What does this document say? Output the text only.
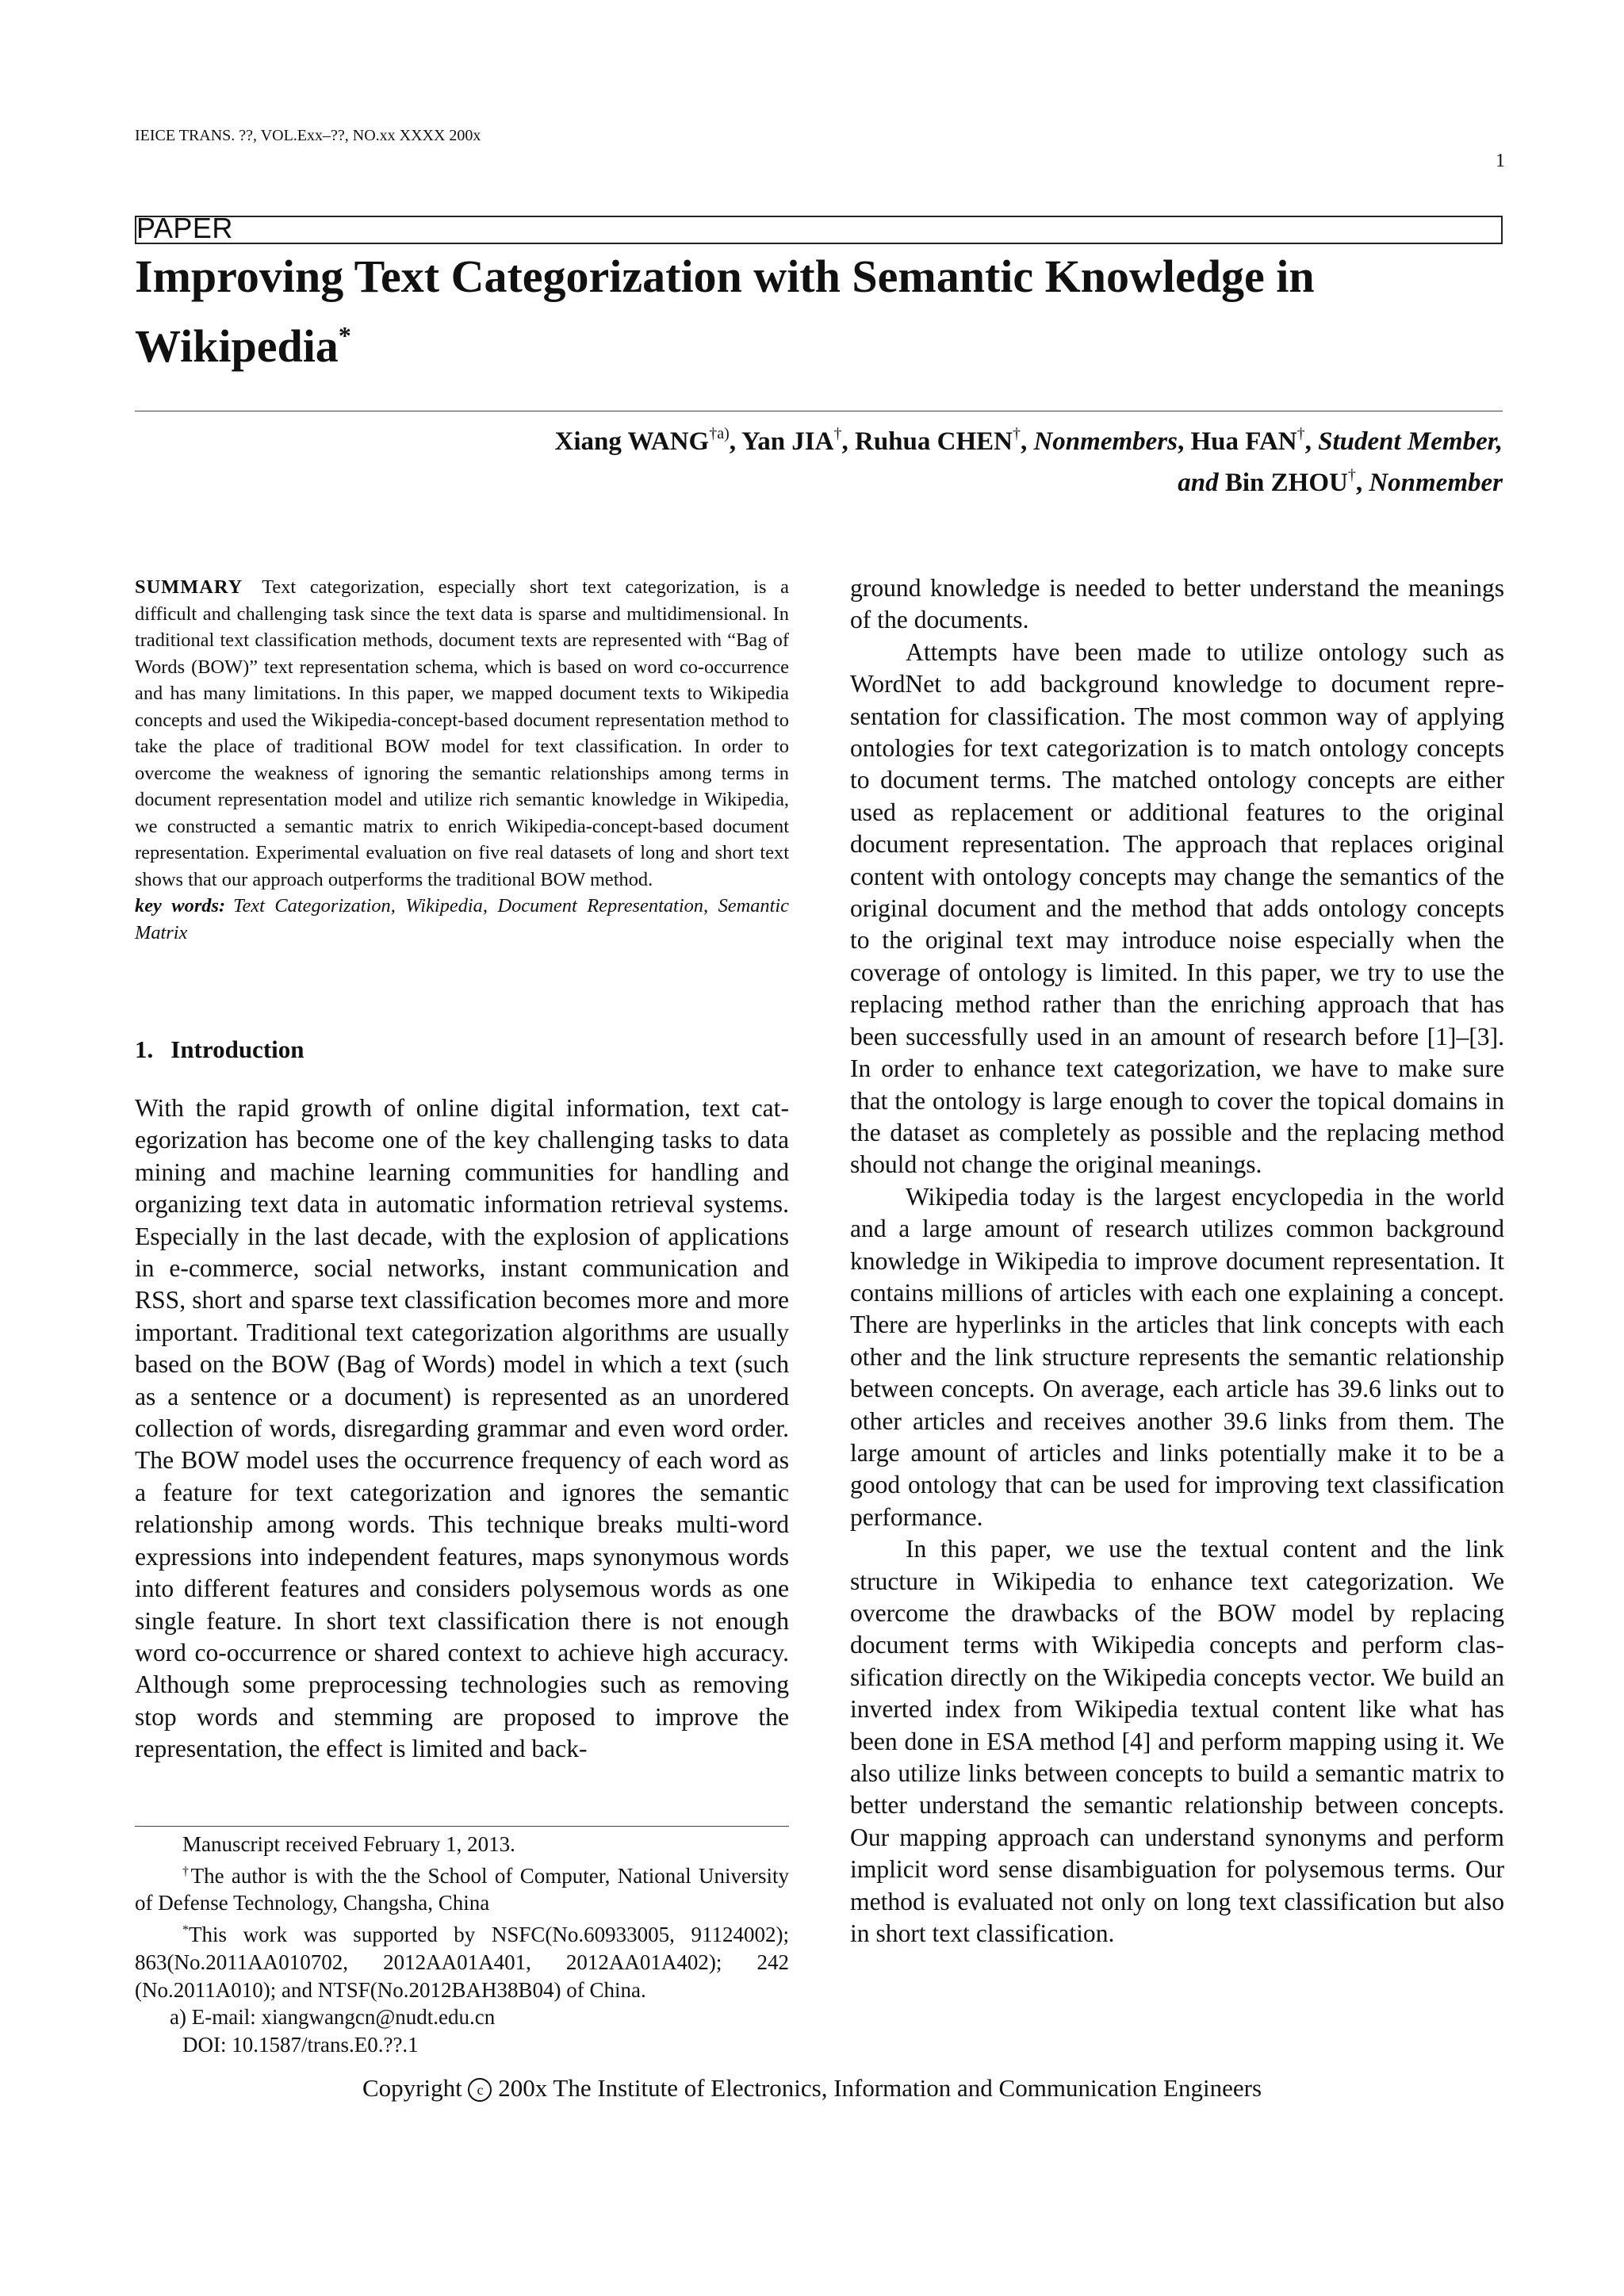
IEICE TRANS. ??, VOL.Exx–??, NO.xx XXXX 200x
1
PAPER
Improving Text Categorization with Semantic Knowledge in Wikipedia*
Xiang WANG$^{\dagger a)}$, Yan JIA†, Ruhua CHEN†, Nonmembers, Hua FAN†, Student Member,
and Bin ZHOU†, Nonmember
SUMMARY Text categorization, especially short text categorization, is a difficult and challenging task since the text data is sparse and multidimensional. In traditional text classification methods, document texts are represented with “Bag of Words (BOW)” text representation schema, which is based on word co-occurrence and has many limitations. In this paper, we mapped document texts to Wikipedia concepts and used the Wikipedia-concept-based document representation method to take the place of traditional BOW model for text classification. In order to overcome the weakness of ignoring the semantic relationships among terms in document representation model and utilize rich semantic knowledge in Wikipedia, we constructed a semantic matrix to enrich Wikipedia-concept-based document representation. Experimental evaluation on five real datasets of long and short text shows that our approach outperforms the traditional BOW method.
key words: Text Categorization, Wikipedia, Document Representation, Semantic Matrix
1. Introduction

With the rapid growth of online digital information, text categorization has become one of the key challenging tasks to data mining and machine learning communities for handling and organizing text data in automatic information retrieval systems. Especially in the last decade, with the explosion of applications in e-commerce, social networks, instant communication and RSS, short and sparse text classification becomes more and more important. Traditional text categorization algorithms are usually based on the BOW (Bag of Words) model in which a text (such as a sentence or a document) is represented as an unordered collection of words, disregarding grammar and even word order. The BOW model uses the occurrence frequency of each word as a feature for text categorization and ignores the semantic relationship among words. This technique breaks multi-word expressions into independent features, maps synonymous words into different features and considers polysemous words as one single feature. In short text classification there is not enough word co-occurrence or shared context to achieve high accuracy. Although some preprocessing technologies such as removing stop words and stemming are proposed to improve the representation, the effect is limited and back-

ground knowledge is needed to better understand the meanings of the documents.

Attempts have been made to utilize ontology such as WordNet to add background knowledge to document representation for classification. The most common way of applying ontologies for text categorization is to match ontology concepts to document terms. The matched ontology concepts are either used as replacement or additional features to the original document representation. The approach that replaces original content with ontology concepts may change the semantics of the original document and the method that adds ontology concepts to the original text may introduce noise especially when the coverage of ontology is limited. In this paper, we try to use the replacing method rather than the enriching approach that has been successfully used in an amount of research before [1]–[3]. In order to enhance text categorization, we have to make sure that the ontology is large enough to cover the topical domains in the dataset as completely as possible and the replacing method should not change the original meanings.

Wikipedia today is the largest encyclopedia in the world and a large amount of research utilizes common background knowledge in Wikipedia to improve document representation. It contains millions of articles with each one explaining a concept. There are hyperlinks in the articles that link concepts with each other and the link structure represents the semantic relationship between concepts. On average, each article has 39.6 links out to other articles and receives another 39.6 links from them. The large amount of articles and links potentially make it to be a good ontology that can be used for improving text classification performance.

In this paper, we use the textual content and the link structure in Wikipedia to enhance text categorization. We overcome the drawbacks of the BOW model by replacing document terms with Wikipedia concepts and perform classification directly on the Wikipedia concepts vector. We build an inverted index from Wikipedia textual content like what has been done in ESA method [4] and perform mapping using it. We also utilize links between concepts to build a semantic matrix to better understand the semantic relationship between concepts. Our mapping approach can understand synonyms and perform implicit word sense disambiguation for polysemous terms. Our method is evaluated not only on long text classification but also in short text classification.

Manuscript received February 1, 2013.

†The author is with the the School of Computer, National University of Defense Technology, Changsha, China

*This work was supported by NSFC(No.60933005, 91124002); 863(No.2011AA010702, 2012AA01A401, 2012AA01A402); 242 (No.2011A010); and NTSF(No.2012BAH38B04) of China.

a) E-mail: xiangwangcn@nudt.edu.cn

DOI: 10.1587/trans.E0.??.1

Copyright c 200x The Institute of Electronics, Information and Communication Engineers
